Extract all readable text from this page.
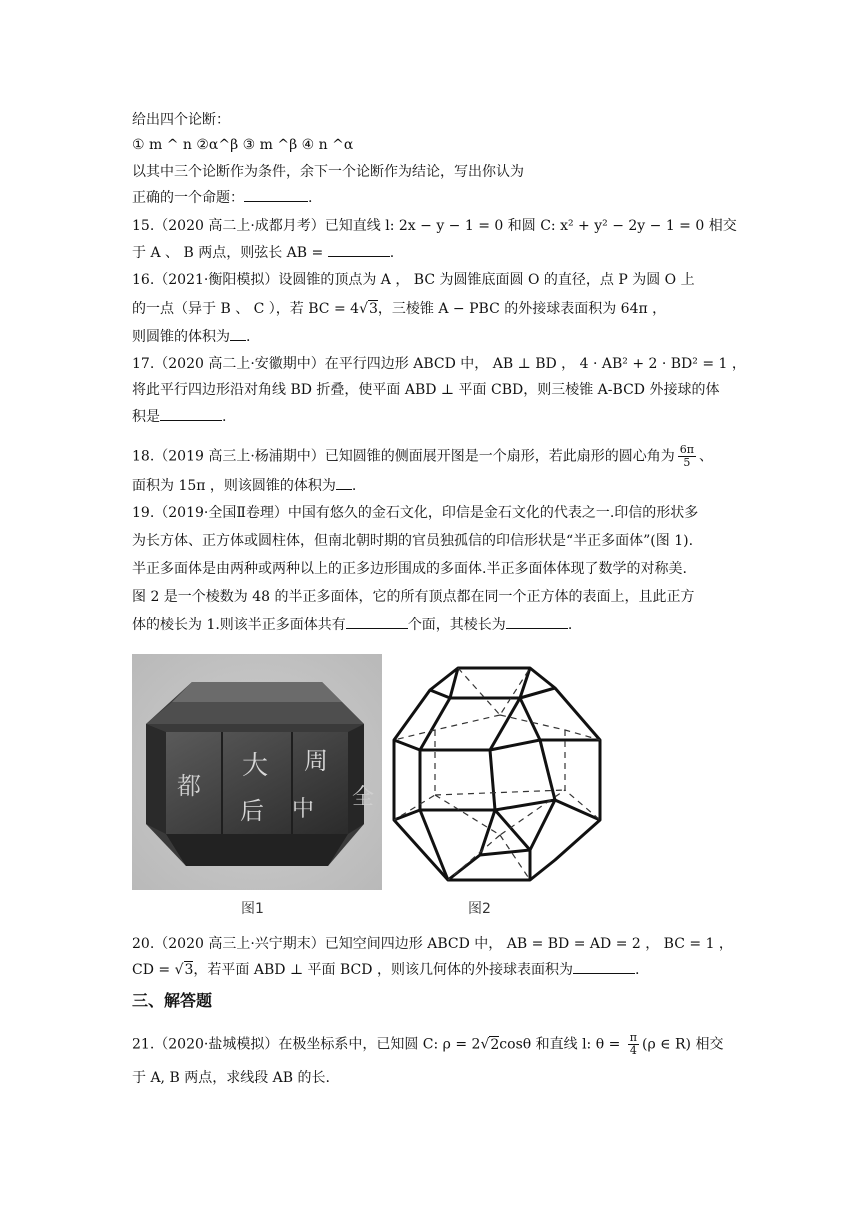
给出四个论断：
① m ^ n ②α^β ③ m ^β ④ n ^α
以其中三个论断作为条件，余下一个论断作为结论，写出你认为
正确的一个命题：	.
15.（2020 高二上·成都月考）已知直线 l: 2x − y − 1 = 0 和圆 C: x² + y² − 2y − 1 = 0 相交
于 A 、 B 两点，则弦长 AB =	.
16.（2021·衡阳模拟）设圆锥的顶点为 A ， BC 为圆锥底面圆 O 的直径，点 P 为圆 O 上
的一点（异于 B 、 C ），若 BC = 4√3，三棱锥 A − PBC 的外接球表面积为 64π ，
则圆锥的体积为 .
17.（2020 高二上·安徽期中）在平行四边形 ABCD 中， AB ⊥ BD ， 4 · AB² + 2 · BD² = 1 ，
将此平行四边形沿对角线 BD 折叠，使平面 ABD ⊥ 平面 CBD，则三棱锥 A-BCD 外接球的体
积是	.
18.（2019 高三上·杨浦期中）已知圆锥的侧面展开图是一个扇形，若此扇形的圆心角为 $\frac{6\pi}{5}$ 、
面积为 15π ，则该圆锥的体积为 .
19.（2019·全国Ⅱ卷理）中国有悠久的金石文化，印信是金石文化的代表之一.印信的形状多
为长方体、正方体或圆柱体，但南北朝时期的官员独孤信的印信形状是“半正多面体”(图 1).
半正多面体是由两种或两种以上的正多边形围成的多面体.半正多面体体现了数学的对称美.
图 2 是一个棱数为 48 的半正多面体，它的所有顶点都在同一个正方体的表面上，且此正方
体的棱长为 1.则该半正多面体共有	个面，其棱长为	.
大 周
都
后	全
中
图1	图2
20.（2020 高三上·兴宁期末）已知空间四边形 ABCD 中， AB = BD = AD = 2 ， BC = 1 ，
CD = √3，若平面 ABD ⊥ 平面 BCD ，则该几何体的外接球表面积为	.
三、解答题
21.（2020·盐城模拟）在极坐标系中，已知圆 C: ρ = 2√2cosθ 和直线 l: $\theta = \frac{\pi}{4} (\rho$ ∈ R) 相交
于 A, B 两点，求线段 AB 的长.
